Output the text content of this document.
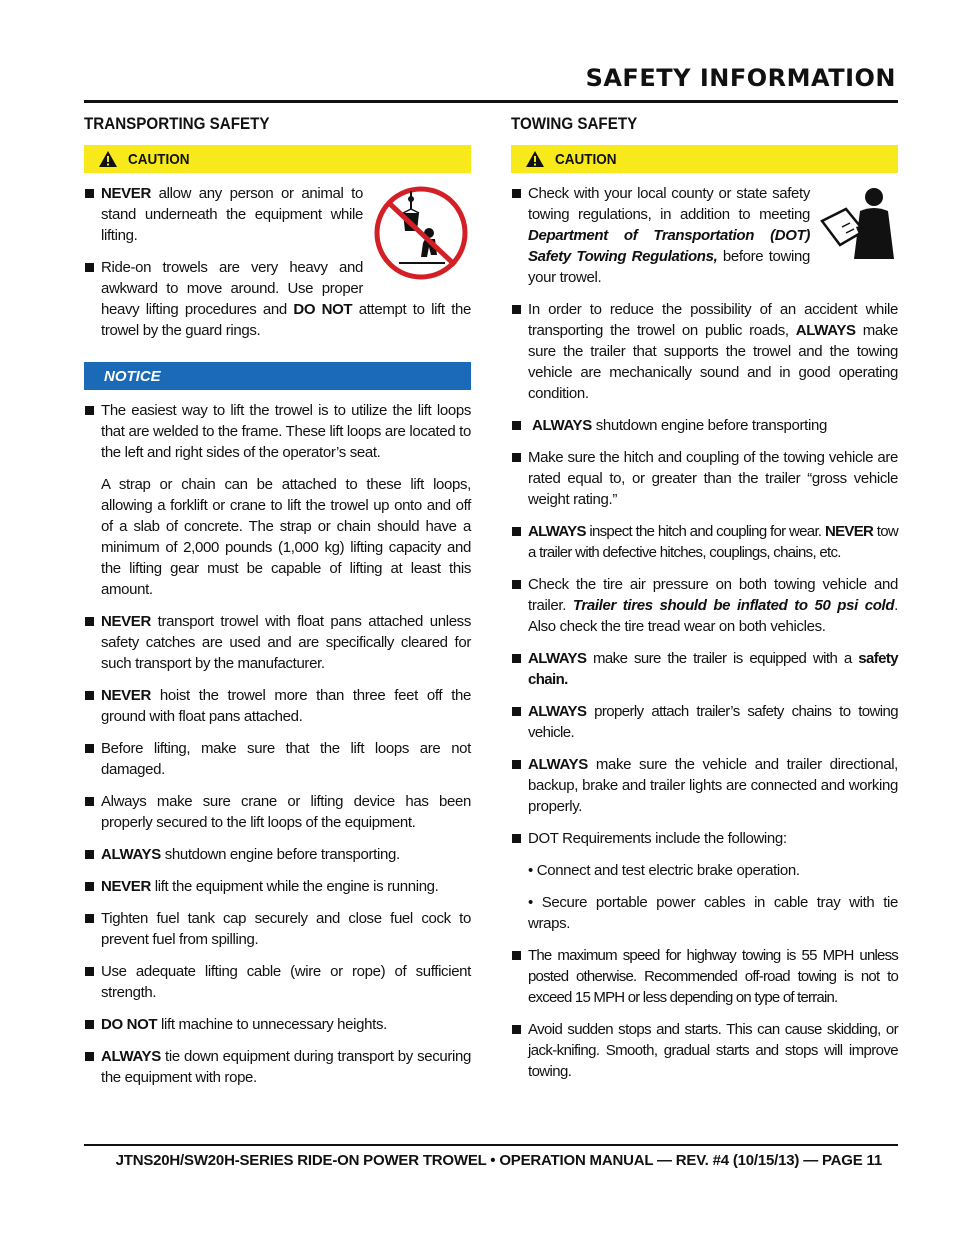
SAFETY INFORMATION
TRANSPORTING SAFETY
CAUTION
NEVER allow any person or animal to stand underneath the equipment while lifting.
Ride-on trowels are very heavy and awkward to move around. Use proper heavy lifting procedures and DO NOT attempt to lift the trowel by the guard rings.
NOTICE
The easiest way to lift the trowel is to utilize the lift loops that are welded to the frame. These lift loops are located to the left and right sides of the operator’s seat.
A strap or chain can be attached to these lift loops, allowing a forklift or crane to lift the trowel up onto and off of a slab of concrete. The strap or chain should have a minimum of 2,000 pounds (1,000 kg) lifting capacity and the lifting gear must be capable of lifting at least this amount.
NEVER transport trowel with float pans attached unless safety catches are used and are specifically cleared for such transport by the manufacturer.
NEVER hoist the trowel more than three feet off the ground with float pans attached.
Before lifting, make sure that the lift loops are not damaged.
Always make sure crane or lifting device has been properly secured to the lift loops of the equipment.
ALWAYS shutdown engine before transporting.
NEVER lift the equipment while the engine is running.
Tighten fuel tank cap securely and close fuel cock to prevent fuel from spilling.
Use adequate lifting cable (wire or rope) of sufficient strength.
DO NOT lift machine to unnecessary heights.
ALWAYS tie down equipment during transport by securing the equipment with rope.
TOWING SAFETY
CAUTION
Check with your local county or state safety towing regulations, in addition to meeting Department of Transportation (DOT) Safety Towing Regulations, before towing your trowel.
In order to reduce the possibility of an accident while transporting the trowel on public roads, ALWAYS make sure the trailer that supports the trowel and the towing vehicle are mechanically sound and in good operating condition.
ALWAYS shutdown engine before transporting
Make sure the hitch and coupling of the towing vehicle are rated equal to, or greater than the trailer “gross vehicle weight rating.”
ALWAYS inspect the hitch and coupling for wear. NEVER tow a trailer with defective hitches, couplings, chains, etc.
Check the tire air pressure on both towing vehicle and trailer. Trailer tires should be inflated to 50 psi cold. Also check the tire tread wear on both vehicles.
ALWAYS make sure the trailer is equipped with a safety chain.
ALWAYS properly attach trailer’s safety chains to towing vehicle.
ALWAYS make sure the vehicle and trailer directional, backup, brake and trailer lights are connected and working properly.
DOT Requirements include the following:
• Connect and test electric brake operation.
• Secure portable power cables in cable tray with tie wraps.
The maximum speed for highway towing is 55 MPH unless posted otherwise. Recommended off-road towing is not to exceed 15 MPH or less depending on type of terrain.
Avoid sudden stops and starts. This can cause skidding, or jack-knifing. Smooth, gradual starts and stops will improve towing.
JTNS20H/SW20H-SERIES RIDE-ON POWER TROWEL • OPERATION MANUAL — REV. #4 (10/15/13) — PAGE 11
